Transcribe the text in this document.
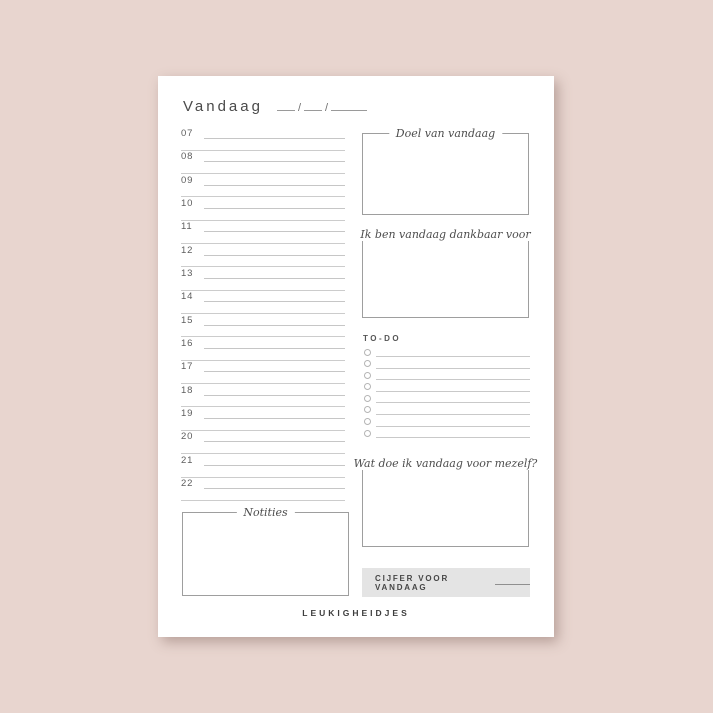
Vandaag	/ /
07
08
09
10
11
12
13
14
15
16
17
18
19
20
21
22
Doel van vandaag
Ik ben vandaag dankbaar voor
TO-DO
Wat doe ik vandaag voor mezelf?
CIJFER VOOR VANDAAG
Notities
LEUKIGHEIDJES
